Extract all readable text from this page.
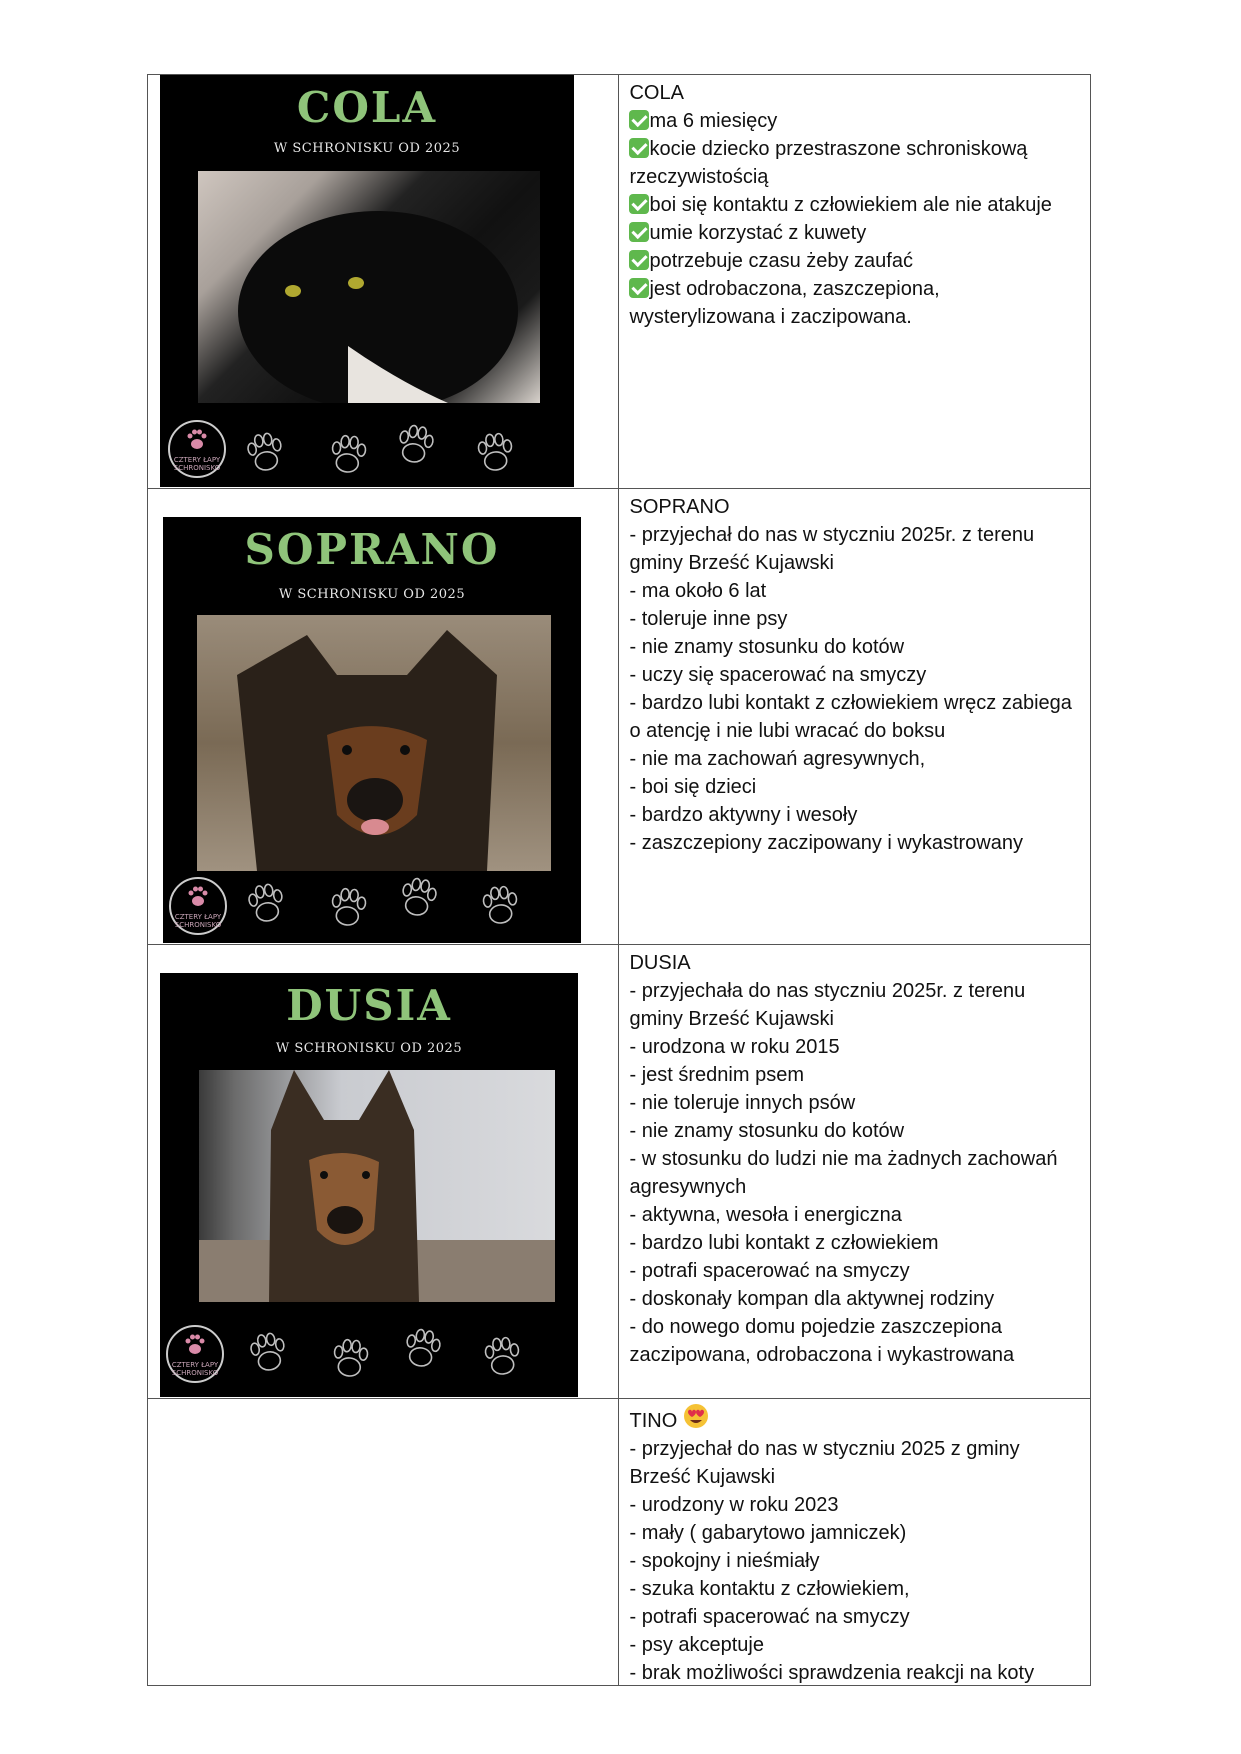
COLA
W SCHRONISKU OD 2025
CZTERY ŁAPY SCHRONISKO
COLA
ma 6 miesięcy
kocie dziecko przestraszone schroniskową rzeczywistością
boi się kontaktu z człowiekiem ale nie atakuje
umie korzystać z kuwety
potrzebuje czasu żeby zaufać
jest odrobaczona, zaszczepiona, wysterylizowana i zaczipowana.
SOPRANO
W SCHRONISKU OD 2025
CZTERY ŁAPY SCHRONISKO
SOPRANO
- przyjechał do nas w styczniu 2025r. z terenu gminy Brześć Kujawski
- ma około 6 lat
- toleruje inne psy
- nie znamy stosunku do kotów
- uczy się spacerować na smyczy
- bardzo lubi kontakt z człowiekiem wręcz zabiega o atencję i nie lubi wracać do boksu
- nie ma zachowań agresywnych,
- boi się dzieci
- bardzo aktywny i wesoły
- zaszczepiony zaczipowany i wykastrowany
DUSIA
W SCHRONISKU OD 2025
CZTERY ŁAPY SCHRONISKO
DUSIA
- przyjechała do nas styczniu 2025r. z terenu gminy Brześć Kujawski
- urodzona w roku 2015
- jest średnim psem
- nie toleruje innych psów
- nie znamy stosunku do kotów
- w stosunku do ludzi nie ma żadnych zachowań agresywnych
- aktywna, wesoła i energiczna
- bardzo lubi kontakt z człowiekiem
- potrafi spacerować na smyczy
- doskonały kompan dla aktywnej rodziny
- do nowego domu pojedzie zaszczepiona zaczipowana, odrobaczona i wykastrowana
TINO
- przyjechał do nas w styczniu 2025 z gminy Brześć Kujawski
- urodzony w roku 2023
- mały ( gabarytowo jamniczek)
- spokojny i nieśmiały
- szuka kontaktu z człowiekiem,
- potrafi spacerować na smyczy
- psy akceptuje
- brak możliwości sprawdzenia reakcji na koty
